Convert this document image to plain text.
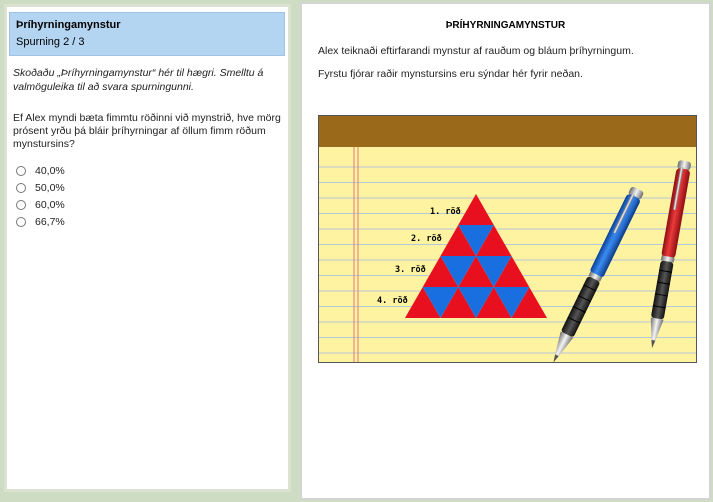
Þríhyrningamynstur
Spurning 2 / 3
Skoðaðu „Þríhyrningamynstur“ hér til hægri. Smelltu á valmöguleika til að svara spurningunni.
Ef Alex myndi bæta fimmtu röðinni við mynstrið, hve mörg prósent yrðu þá bláir þríhyrningar af öllum fimm röðum mynstursins?
40,0%
50,0%
60,0%
66,7%
ÞRÍHYRNINGAMYNSTUR
Alex teiknaði eftirfarandi mynstur af rauðum og bláum þríhyrningum.
Fyrstu fjórar raðir mynstursins eru sýndar hér fyrir neðan.
1. röð
2. röð
3. röð
4. röð
